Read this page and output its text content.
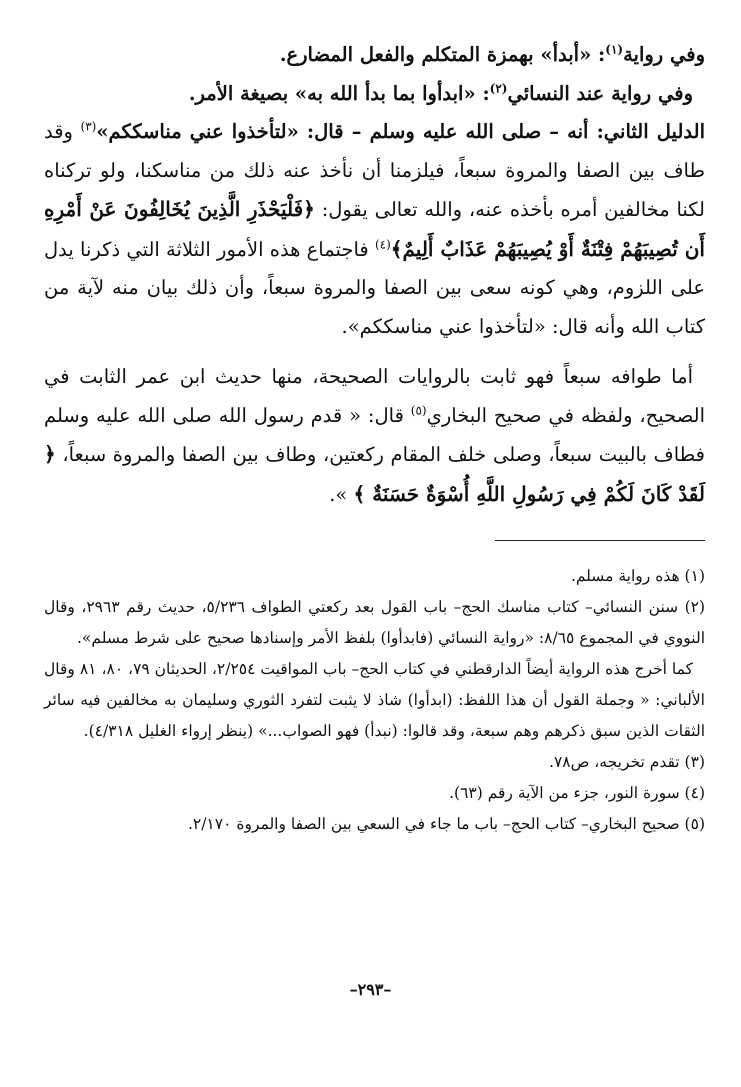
وفي رواية$^{(١)}$: «أبدأ» بهمزة المتكلم والفعل المضارع.

وفي رواية عند النسائي$^{(٢)}$: «ابدأوا بما بدأ الله به» بصيغة الأمر.

الدليل الثاني: أنه – صلى الله عليه وسلم – قال: «لتأخذوا عني مناسككم»$^{(٣)}$ وقد طاف بين الصفا والمروة سبعاً، فيلزمنا أن نأخذ عنه ذلك من مناسكنا، ولو تركناه لكنا مخالفين أمره بأخذه عنه، والله تعالى يقول: ﴿فَلْيَحْذَرِ الَّذِينَ يُخَالِفُونَ عَنْ أَمْرِهِ أَن تُصِيبَهُمْ فِتْنَةٌ أَوْ يُصِيبَهُمْ عَذَابٌ أَلِيمٌ﴾$^{(٤)}$ فاجتماع هذه الأمور الثلاثة التي ذكرنا يدل على اللزوم، وهي كونه سعى بين الصفا والمروة سبعاً، وأن ذلك بيان منه لآية من كتاب الله وأنه قال: «لتأخذوا عني مناسككم».

أما طوافه سبعاً فهو ثابت بالروايات الصحيحة، منها حديث ابن عمر الثابت في الصحيح، ولفظه في صحيح البخاري$^{(٥)}$ قال: « قدم رسول الله صلى الله عليه وسلم فطاف بالبيت سبعاً، وصلى خلف المقام ركعتين، وطاف بين الصفا والمروة سبعاً، ﴿ لَقَدْ كَانَ لَكُمْ فِي رَسُولِ اللَّهِ أُسْوَةٌ حَسَنَةٌ ﴾ ».

(١) هذه رواية مسلم.

(٢) سنن النسائي– كتاب مناسك الحج– باب القول بعد ركعتي الطواف ٥/٢٣٦، حديث رقم ٢٩٦٣، وقال النووي في المجموع ٨/٦٥: «رواية النسائي (فابدأوا) بلفظ الأمر وإسنادها صحيح على شرط مسلم».

كما أخرج هذه الرواية أيضاً الدارقطني في كتاب الحج– باب المواقيت ٢/٢٥٤، الحديثان ٧٩، ٨٠، ٨١ وقال الألباني: « وجملة القول أن هذا اللفظ: (ابدأوا) شاذ لا يثبت لتفرد الثوري وسليمان به مخالفين فيه سائر الثقات الذين سبق ذكرهم وهم سبعة، وقد قالوا: (نبدأ) فهو الصواب...» (ينظر إرواء الغليل ٤/٣١٨).

(٣) تقدم تخريجه، ص٧٨.

(٤) سورة النور، جزء من الآية رقم (٦٣).

(٥) صحيح البخاري– كتاب الحج– باب ما جاء في السعي بين الصفا والمروة ٢/١٧٠.

–٢٩٣–
